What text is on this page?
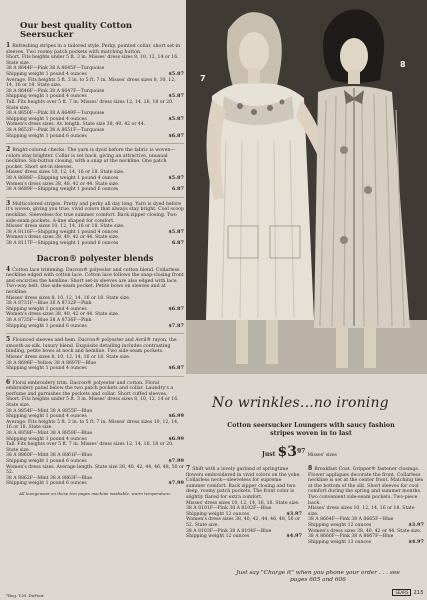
Our best quality Cotton Seersucker

1 Refreshing stripes in a tailored style. Perky, pointed collar, short set-in sleeves. Two roomy patch pockets with matching button.

Short. Fits heights under 5 ft. 3 in. Misses' dress sizes 8, 10, 12, 14 or 16. State size.

38 A 8644F—Pink 38 A 8645F—Turquoise
Shipping weight 1 pound 4 ounces	$5.87

Average. Fits heights 5 ft. 3 in. to 5 ft. 7 in. Misses' dress sizes 8, 10, 12, 14, 16 or 18. State size.

38 A 8646F—Pink 38 A 8647F—Turquoise
Shipping weight 1 pound 4 ounces	$5.87

Tall. Fits heights over 5 ft. 7 in. Misses' dress sizes 12, 14, 16, 18 or 20. State size.

38 A 8650F—Pink 38 A 8649F—Turquoise
Shipping weight 1 pound 4 ounces	$5.87

Women's dress sizes. Av. length. State size 38, 40, 42 or 44.

38 A 8652F—Pink 38 A 8651F—Turquoise
Shipping weight 1 pound 6 ounces	$6.87

2 Bright-colored checks. The yarn is dyed before the fabric is woven—colors stay brighter. Collar is set back, giving an attractive, unusual neckline. Six-button closing, with a snap at the neckline. One patch pocket. Short set-in sleeves.

Misses' dress sizes 10, 12, 14, 16 or 18. State size.

38 A 8688F—Shipping weight 1 pound 4 ounces	$5.87

Women's dress sizes 38, 40, 42 or 44. State size.

38 A 8689F—Shipping weight 1 pound 6 ounces	6.87

3 Multicolored stripes. Pretty and perky all day long. Yarn is dyed before it's woven, giving you true, vivid colors that always stay bright. Cool scoop neckline. Sleeveless for true summer comfort. Back zipper closing. Two side-seam pockets. A-line shaped for comfort.

Misses' dress sizes 10, 12, 14, 16 or 18. State size.

38 A 8116F—Shipping weight 1 pound 4 ounces	$5.87

Women's dress sizes 38, 40, 42 or 44. State size.

38 A 8117F—Shipping weight 1 pound 6 ounces	6.87
Dacron® polyester blends

4 Cotton lace trimming. Dacron® polyester and cotton blend. Collarless neckline edged with cotton lace. Cotton lace follows the snap-closing front and encircles the hemline. Short set-in sleeves are also edged with lace. Two-way belt. One side-seam pocket. Petite bows on sleeves and at neckline.

Misses' dress sizes 8, 10, 12, 14, 16 or 18. State size.

38 A 8731F—Blue 38 A 8732F—Pink
Shipping weight 1 pound 4 ounces	$6.87

Women's dress sizes 38, 40, 42 or 44. State size.

38 A 8735F—Blue 38 A 8736F—Pink
Shipping weight 1 pound 6 ounces	$7.87

5 Flounced sleeves and hem. Dacron® polyester and Avril® rayon, the smooth-as-silk, luxury blend. Exquisite detailing includes contrasting binding, petite bows at neck and hemline. Two side-seam pockets.

Misses' dress sizes 8, 10, 12, 14, 16 or 18. State size.

38 A 8696F—Yellow 38 A 8697F—Blue
Shipping weight 1 pound 4 ounces	$6.87

6 Floral embroidery trim. Dacron® polyester and cotton. Floral embroidery panel below the two patch pockets and collar. Laundry's a perfume and garnishes the pockets and collar. Short cuffed sleeves.

Short. Fits heights under 5 ft. 3 in. Misses' dress sizes 8, 10, 12, 14 or 16. State size.

38 A 8854F—Mint 38 A 8855F—Blue
Shipping weight 1 pound 4 ounces	$6.99

Average. Fits heights 5 ft. 3 in. to 5 ft. 7 in. Misses' dress sizes 10, 12, 14, 16 or 18. State size.

38 A 8858F—Mint 38 A 8859F—Blue
Shipping weight 1 pound 4 ounces	$6.99

Tall. Fits heights over 5 ft. 7 in. Misses' dress sizes 12, 14, 16, 18 or 20. State size.

38 A 8860F—Mint 38 A 8861F—Blue
Shipping weight 1 pound 6 ounces	$7.99

Women's dress sizes. Average length. State size 38, 40, 42, 44, 46, 48, 50 or 52.

38 A 8862F—Mint 38 A 8863F—Blue
Shipping weight 1 pound 6 ounces	$7.99
All loungewear on these two pages machine washable, warm temperature.
*Reg. T.M. DuPont
7
8
No wrinkles...no ironing
Cotton seersucker Loungers with saucy fashion stripes woven in to last
Just $397 Misses' sizes

7 Shift with a lovely garland of springtime flowers embroidered in vivid colors on the yoke. Collarless neck—sleeveless for supreme summer comfort. Back zipper closing and two deep, roomy patch pockets. The front color is slightly flared for extra comfort.

Misses' dress sizes 10, 12, 14, 16, 18. State size.

38 A 8101F—Pink 38 A 8102F—Blue
Shipping weight 12 ounces	$3.97

Women's dress sizes 38, 40, 42, 44, 46, 48, 50 or 52. State size.

38 A 8103F—Pink 38 A 8104F—Blue
Shipping weight 12 ounces	$4.97

8 Breakfast Coat. Gripper® fastener closings. Flower appliques decorate the front. Collarless neckline is set at the center front. Matching ties at the bottom of the slit. Short sleeves for cool comfort during the spring and summer months. Two convenient side-seam pockets. Two-piece back.

Misses' dress sizes 10, 12, 14, 16 or 18. State size.

38 A 8664F—Pink 38 A 8665F—Blue
Shipping weight 12 ounces	$3.97

Women's dress sizes 38, 40, 42 or 44. State size.

38 A 8666F—Pink 38 A 8667F—Blue
Shipping weight 13 ounces	$4.97
Just say "Charge it" when you phone your order . . . see pages 605 and 606
SEARS 213
